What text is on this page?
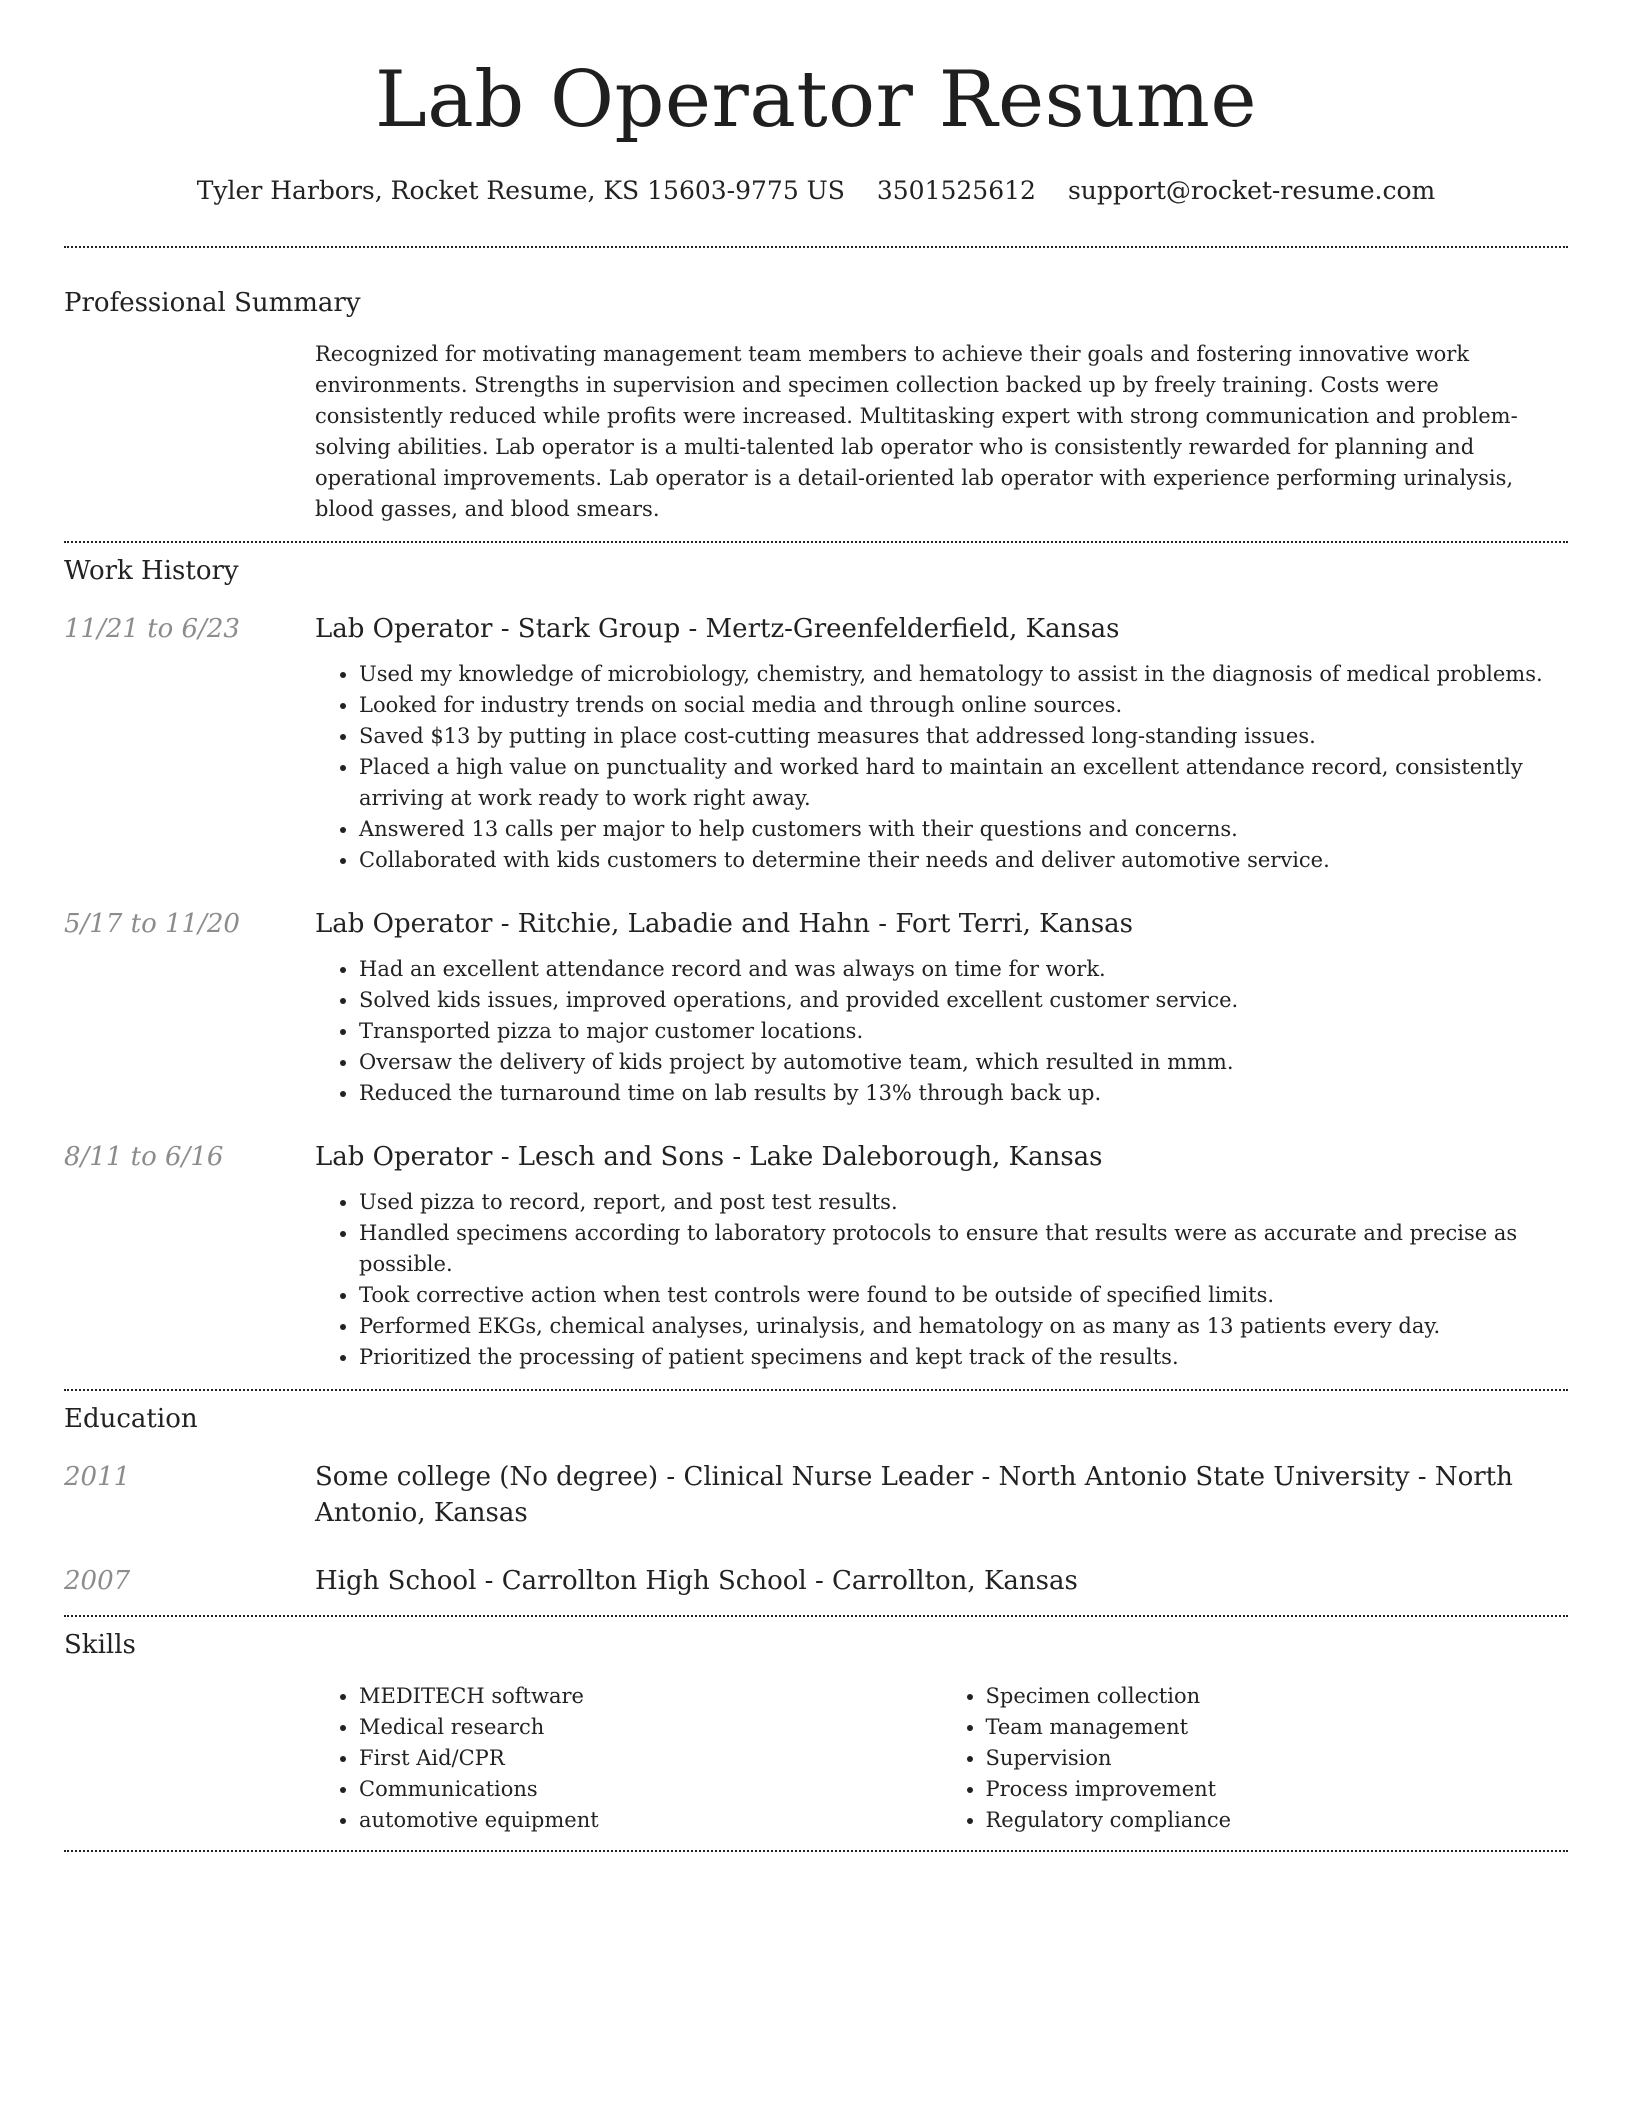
Lab Operator Resume
Tyler Harbors, Rocket Resume, KS 15603-9775 US 3501525612 support@rocket-resume.com
Professional Summary
Recognized for motivating management team members to achieve their goals and fostering innovative work environments. Strengths in supervision and specimen collection backed up by freely training. Costs were consistently reduced while profits were increased. Multitasking expert with strong communication and problem-solving abilities. Lab operator is a multi-talented lab operator who is consistently rewarded for planning and operational improvements. Lab operator is a detail-oriented lab operator with experience performing urinalysis, blood gasses, and blood smears.
Work History
11/21 to 6/23	Lab Operator - Stark Group - Mertz-Greenfelderfield, Kansas
• Used my knowledge of microbiology, chemistry, and hematology to assist in the diagnosis of medical problems.
• Looked for industry trends on social media and through online sources.
• Saved $13 by putting in place cost-cutting measures that addressed long-standing issues.
• Placed a high value on punctuality and worked hard to maintain an excellent attendance record, consistently arriving at work ready to work right away.
• Answered 13 calls per major to help customers with their questions and concerns.
• Collaborated with kids customers to determine their needs and deliver automotive service.
5/17 to 11/20	Lab Operator - Ritchie, Labadie and Hahn - Fort Terri, Kansas
• Had an excellent attendance record and was always on time for work.
• Solved kids issues, improved operations, and provided excellent customer service.
• Transported pizza to major customer locations.
• Oversaw the delivery of kids project by automotive team, which resulted in mmm.
• Reduced the turnaround time on lab results by 13% through back up.
8/11 to 6/16	Lab Operator - Lesch and Sons - Lake Daleborough, Kansas
• Used pizza to record, report, and post test results.
• Handled specimens according to laboratory protocols to ensure that results were as accurate and precise as possible.
• Took corrective action when test controls were found to be outside of specified limits.
• Performed EKGs, chemical analyses, urinalysis, and hematology on as many as 13 patients every day.
• Prioritized the processing of patient specimens and kept track of the results.
Education
2011	Some college (No degree) - Clinical Nurse Leader - North Antonio State University - North Antonio, Kansas
2007	High School - Carrollton High School - Carrollton, Kansas
Skills
• MEDITECH software
• Medical research
• First Aid/CPR
• Communications
• automotive equipment
• Specimen collection
• Team management
• Supervision
• Process improvement
• Regulatory compliance
